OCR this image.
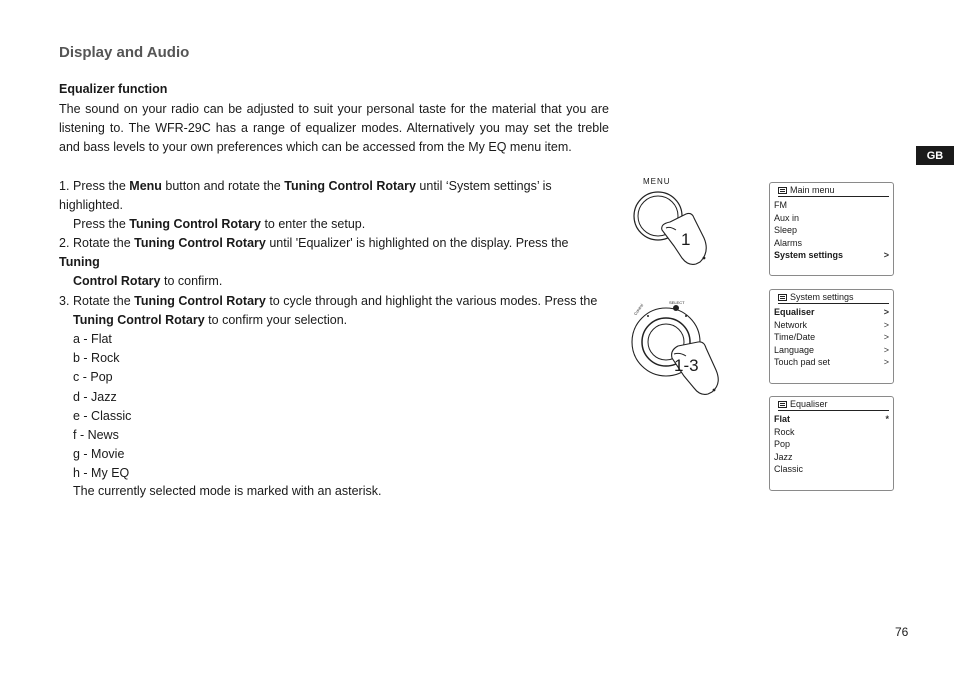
Display and Audio
Equalizer function

The sound on your radio can be adjusted to suit your personal taste for the material that you are listening to. The WFR-29C has a range of equalizer modes. Alternatively you may set the treble and bass levels to your own preferences which can be accessed from the My EQ menu item.

1. Press the Menu button and rotate the Tuning Control Rotary until ‘System settings’ is highlighted.
Press the Tuning Control Rotary to enter the setup.
2. Rotate the Tuning Control Rotary until 'Equalizer' is highlighted on the display. Press the Tuning
Control Rotary to confirm.
3. Rotate the Tuning Control Rotary to cycle through and highlight the various modes. Press the
Tuning Control Rotary to confirm your selection.
a - Flat
b - Rock
c - Pop
d - Jazz
e - Classic
f - News
g - Movie
h - My EQ

The currently selected mode is marked with an asterisk.

GB
76
MENU
1
Control
SELECT
1-3
Main menu
FM
Aux in
Sleep
Alarms
System settings	>
System settings
Equaliser	>
Network	>
Time/Date	>
Language	>
Touch pad set	>
Equaliser
Flat	*
Rock
Pop
Jazz
Classic
